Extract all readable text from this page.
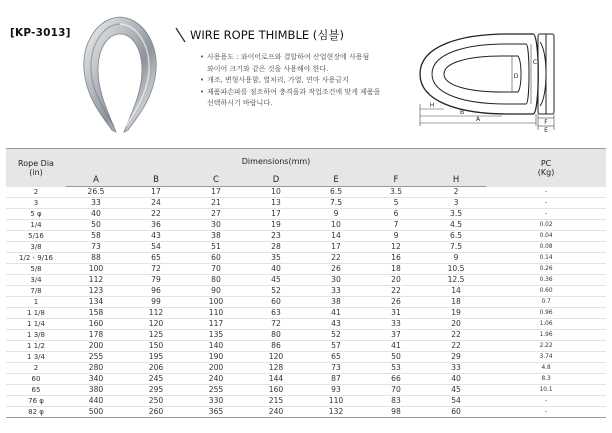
[KP-3013]	WIRE ROPE THIMBLE (심블)
• 사용용도 : 와이어로프와 결합하여 산업현장에 사용됨
와이어 크기와 같은 것을 사용해야 한다.
• 개조, 변형사용함, 열처리, 가열, 연마 사용금지
• 제품파손파를 점조하여 충격을과 작업조건에 맞게 제품을
선택하시기 바랍니다.
D
C
H
B
A	F
E
Rope Dia
(in)	Dimensions(mm)							PC
(Kg)

	A	B	C	D	E	F	H	
2	26.5	17	17	10	6.5	3.5	2	-
3	33	24	21	13	7.5	5	3	-
5 φ	40	22	27	17	9	6	3.5	-
1/4	50	36	30	19	10	7	4.5	0.02
5/16	58	43	38	23	14	9	6.5	0.04
3/8	73	54	51	28	17	12	7.5	0.08
1/2 - 9/16	88	65	60	35	22	16	9	0.14
5/8	100	72	70	40	26	18	10.5	0.26
3/4	112	79	80	45	30	20	12.5	0.36
7/8	123	96	90	52	33	22	14	0.60
1	134	99	100	60	38	26	18	0.7
1 1/8	158	112	110	63	41	31	19	0.96
1 1/4	160	120	117	72	43	33	20	1.06
1 3/8	178	125	135	80	52	37	22	1.96
1 1/2	200	150	140	86	57	41	22	2.22
1 3/4	255	195	190	120	65	50	29	3.74
2	280	206	200	128	73	53	33	4.8
60	340	245	240	144	87	66	40	8.3
65	380	295	255	160	93	70	45	10.1
76 φ	440	250	330	215	110	83	54	-
82 φ	500	260	365	240	132	98	60	-
